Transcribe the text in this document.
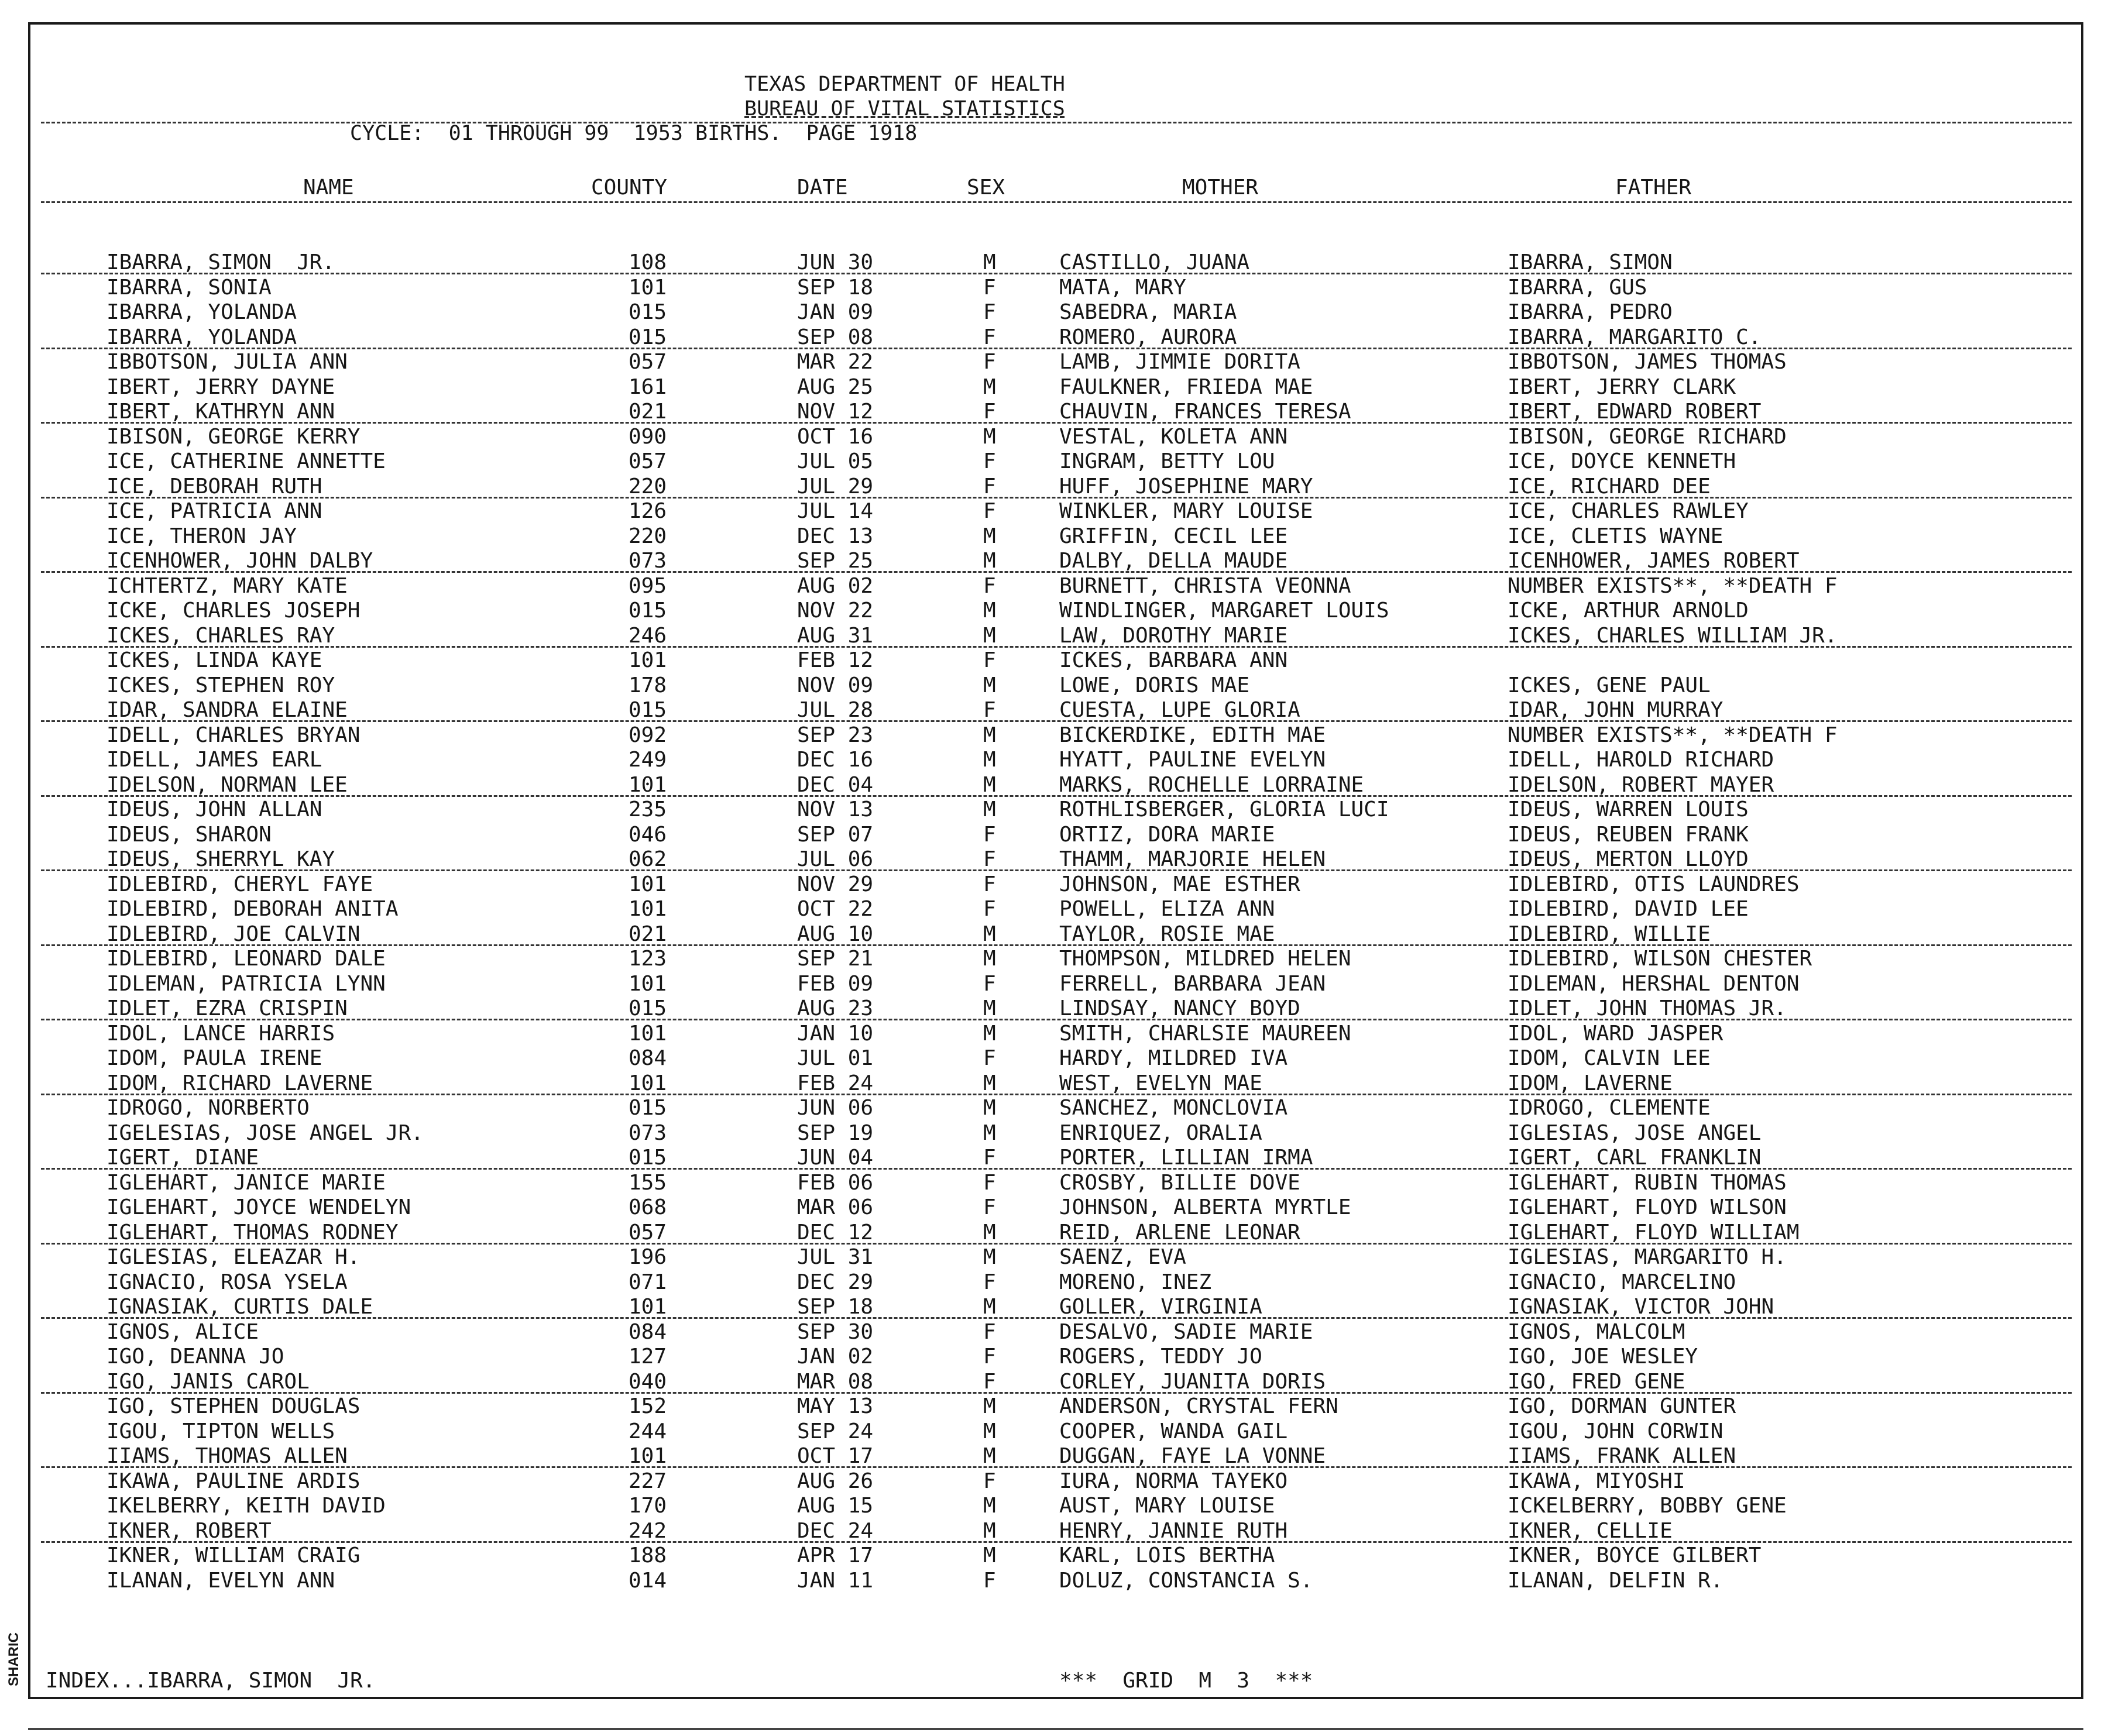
SHARIC
TEXAS DEPARTMENT OF HEALTH
BUREAU OF VITAL STATISTICS
CYCLE:  01 THROUGH 99  1953 BIRTHS.  PAGE 1918
NAME	COUNTY	DATE	SEX	MOTHER	FATHER
IBARRA, SIMON  JR.	108	JUN 30	M	CASTILLO, JUANA	IBARRA, SIMON
IBARRA, SONIA	101	SEP 18	F	MATA, MARY	IBARRA, GUS
IBARRA, YOLANDA	015	JAN 09	F	SABEDRA, MARIA	IBARRA, PEDRO
IBARRA, YOLANDA	015	SEP 08	F	ROMERO, AURORA	IBARRA, MARGARITO C.
IBBOTSON, JULIA ANN	057	MAR 22	F	LAMB, JIMMIE DORITA	IBBOTSON, JAMES THOMAS
IBERT, JERRY DAYNE	161	AUG 25	M	FAULKNER, FRIEDA MAE	IBERT, JERRY CLARK
IBERT, KATHRYN ANN	021	NOV 12	F	CHAUVIN, FRANCES TERESA	IBERT, EDWARD ROBERT
IBISON, GEORGE KERRY	090	OCT 16	M	VESTAL, KOLETA ANN	IBISON, GEORGE RICHARD
ICE, CATHERINE ANNETTE	057	JUL 05	F	INGRAM, BETTY LOU	ICE, DOYCE KENNETH
ICE, DEBORAH RUTH	220	JUL 29	F	HUFF, JOSEPHINE MARY	ICE, RICHARD DEE
ICE, PATRICIA ANN	126	JUL 14	F	WINKLER, MARY LOUISE	ICE, CHARLES RAWLEY
ICE, THERON JAY	220	DEC 13	M	GRIFFIN, CECIL LEE	ICE, CLETIS WAYNE
ICENHOWER, JOHN DALBY	073	SEP 25	M	DALBY, DELLA MAUDE	ICENHOWER, JAMES ROBERT
ICHTERTZ, MARY KATE	095	AUG 02	F	BURNETT, CHRISTA VEONNA	NUMBER EXISTS**, **DEATH F
ICKE, CHARLES JOSEPH	015	NOV 22	M	WINDLINGER, MARGARET LOUIS	ICKE, ARTHUR ARNOLD
ICKES, CHARLES RAY	246	AUG 31	M	LAW, DOROTHY MARIE	ICKES, CHARLES WILLIAM JR.
ICKES, LINDA KAYE	101	FEB 12	F	ICKES, BARBARA ANN
ICKES, STEPHEN ROY	178	NOV 09	M	LOWE, DORIS MAE	ICKES, GENE PAUL
IDAR, SANDRA ELAINE	015	JUL 28	F	CUESTA, LUPE GLORIA	IDAR, JOHN MURRAY
IDELL, CHARLES BRYAN	092	SEP 23	M	BICKERDIKE, EDITH MAE	NUMBER EXISTS**, **DEATH F
IDELL, JAMES EARL	249	DEC 16	M	HYATT, PAULINE EVELYN	IDELL, HAROLD RICHARD
IDELSON, NORMAN LEE	101	DEC 04	M	MARKS, ROCHELLE LORRAINE	IDELSON, ROBERT MAYER
IDEUS, JOHN ALLAN	235	NOV 13	M	ROTHLISBERGER, GLORIA LUCI	IDEUS, WARREN LOUIS
IDEUS, SHARON	046	SEP 07	F	ORTIZ, DORA MARIE	IDEUS, REUBEN FRANK
IDEUS, SHERRYL KAY	062	JUL 06	F	THAMM, MARJORIE HELEN	IDEUS, MERTON LLOYD
IDLEBIRD, CHERYL FAYE	101	NOV 29	F	JOHNSON, MAE ESTHER	IDLEBIRD, OTIS LAUNDRES
IDLEBIRD, DEBORAH ANITA	101	OCT 22	F	POWELL, ELIZA ANN	IDLEBIRD, DAVID LEE
IDLEBIRD, JOE CALVIN	021	AUG 10	M	TAYLOR, ROSIE MAE	IDLEBIRD, WILLIE
IDLEBIRD, LEONARD DALE	123	SEP 21	M	THOMPSON, MILDRED HELEN	IDLEBIRD, WILSON CHESTER
IDLEMAN, PATRICIA LYNN	101	FEB 09	F	FERRELL, BARBARA JEAN	IDLEMAN, HERSHAL DENTON
IDLET, EZRA CRISPIN	015	AUG 23	M	LINDSAY, NANCY BOYD	IDLET, JOHN THOMAS JR.
IDOL, LANCE HARRIS	101	JAN 10	M	SMITH, CHARLSIE MAUREEN	IDOL, WARD JASPER
IDOM, PAULA IRENE	084	JUL 01	F	HARDY, MILDRED IVA	IDOM, CALVIN LEE
IDOM, RICHARD LAVERNE	101	FEB 24	M	WEST, EVELYN MAE	IDOM, LAVERNE
IDROGO, NORBERTO	015	JUN 06	M	SANCHEZ, MONCLOVIA	IDROGO, CLEMENTE
IGELESIAS, JOSE ANGEL JR.	073	SEP 19	M	ENRIQUEZ, ORALIA	IGLESIAS, JOSE ANGEL
IGERT, DIANE	015	JUN 04	F	PORTER, LILLIAN IRMA	IGERT, CARL FRANKLIN
IGLEHART, JANICE MARIE	155	FEB 06	F	CROSBY, BILLIE DOVE	IGLEHART, RUBIN THOMAS
IGLEHART, JOYCE WENDELYN	068	MAR 06	F	JOHNSON, ALBERTA MYRTLE	IGLEHART, FLOYD WILSON
IGLEHART, THOMAS RODNEY	057	DEC 12	M	REID, ARLENE LEONAR	IGLEHART, FLOYD WILLIAM
IGLESIAS, ELEAZAR H.	196	JUL 31	M	SAENZ, EVA	IGLESIAS, MARGARITO H.
IGNACIO, ROSA YSELA	071	DEC 29	F	MORENO, INEZ	IGNACIO, MARCELINO
IGNASIAK, CURTIS DALE	101	SEP 18	M	GOLLER, VIRGINIA	IGNASIAK, VICTOR JOHN
IGNOS, ALICE	084	SEP 30	F	DESALVO, SADIE MARIE	IGNOS, MALCOLM
IGO, DEANNA JO	127	JAN 02	F	ROGERS, TEDDY JO	IGO, JOE WESLEY
IGO, JANIS CAROL	040	MAR 08	F	CORLEY, JUANITA DORIS	IGO, FRED GENE
IGO, STEPHEN DOUGLAS	152	MAY 13	M	ANDERSON, CRYSTAL FERN	IGO, DORMAN GUNTER
IGOU, TIPTON WELLS	244	SEP 24	M	COOPER, WANDA GAIL	IGOU, JOHN CORWIN
IIAMS, THOMAS ALLEN	101	OCT 17	M	DUGGAN, FAYE LA VONNE	IIAMS, FRANK ALLEN
IKAWA, PAULINE ARDIS	227	AUG 26	F	IURA, NORMA TAYEKO	IKAWA, MIYOSHI
IKELBERRY, KEITH DAVID	170	AUG 15	M	AUST, MARY LOUISE	ICKELBERRY, BOBBY GENE
IKNER, ROBERT	242	DEC 24	M	HENRY, JANNIE RUTH	IKNER, CELLIE
IKNER, WILLIAM CRAIG	188	APR 17	M	KARL, LOIS BERTHA	IKNER, BOYCE GILBERT
ILANAN, EVELYN ANN	014	JAN 11	F	DOLUZ, CONSTANCIA S.	ILANAN, DELFIN R.
INDEX...IBARRA, SIMON  JR.	***  GRID  M  3  ***
